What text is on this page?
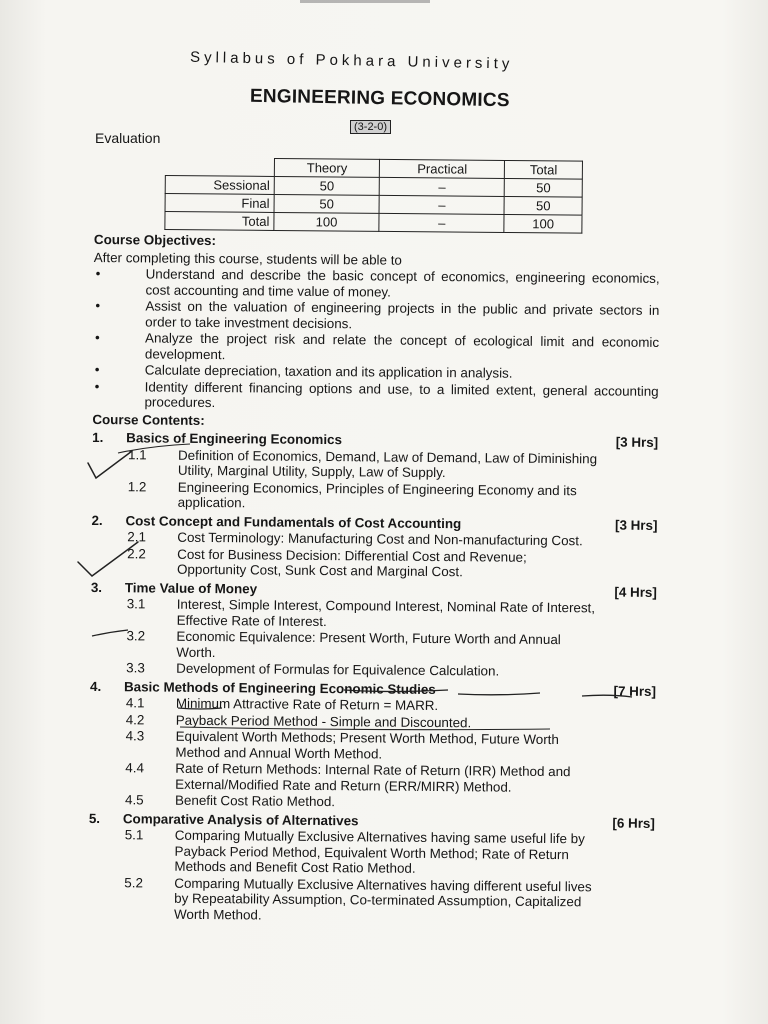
Syllabus of Pokhara University
ENGINEERING ECONOMICS
(3-2-0)
Evaluation
	Theory	Practical	Total
Sessional	50	–	50
Final	50	–	50
Total	100	–	100
Course Objectives:
After completing this course, students will be able to
•	Understand and describe the basic concept of economics, engineering economics, cost accounting and time value of money.
•	Assist on the valuation of engineering projects in the public and private sectors in order to take investment decisions.
•	Analyze the project risk and relate the concept of ecological limit and economic development.
•	Calculate depreciation, taxation and its application in analysis.
•	Identity different financing options and use, to a limited extent, general accounting procedures.
Course Contents:
1.	Basics of Engineering Economics	[3 Hrs]
1.1	Definition of Economics, Demand, Law of Demand, Law of Diminishing Utility, Marginal Utility, Supply, Law of Supply.
1.2	Engineering Economics, Principles of Engineering Economy and its application.
2.	Cost Concept and Fundamentals of Cost Accounting	[3 Hrs]
2.1	Cost Terminology: Manufacturing Cost and Non-manufacturing Cost.
2.2	Cost for Business Decision: Differential Cost and Revenue; Opportunity Cost, Sunk Cost and Marginal Cost.
3.	Time Value of Money	[4 Hrs]
3.1	Interest, Simple Interest, Compound Interest, Nominal Rate of Interest, Effective Rate of Interest.
3.2	Economic Equivalence: Present Worth, Future Worth and Annual Worth.
3.3	Development of Formulas for Equivalence Calculation.
4.	Basic Methods of Engineering Economic Studies	[7 Hrs]
4.1	Minimum Attractive Rate of Return = MARR.
4.2	Payback Period Method - Simple and Discounted.
4.3	Equivalent Worth Methods; Present Worth Method, Future Worth Method and Annual Worth Method.
4.4	Rate of Return Methods: Internal Rate of Return (IRR) Method and External/Modified Rate and Return (ERR/MIRR) Method.
4.5	Benefit Cost Ratio Method.
5.	Comparative Analysis of Alternatives	[6 Hrs]
5.1	Comparing Mutually Exclusive Alternatives having same useful life by Payback Period Method, Equivalent Worth Method; Rate of Return Methods and Benefit Cost Ratio Method.
5.2	Comparing Mutually Exclusive Alternatives having different useful lives by Repeatability Assumption, Co-terminated Assumption, Capitalized Worth Method.
